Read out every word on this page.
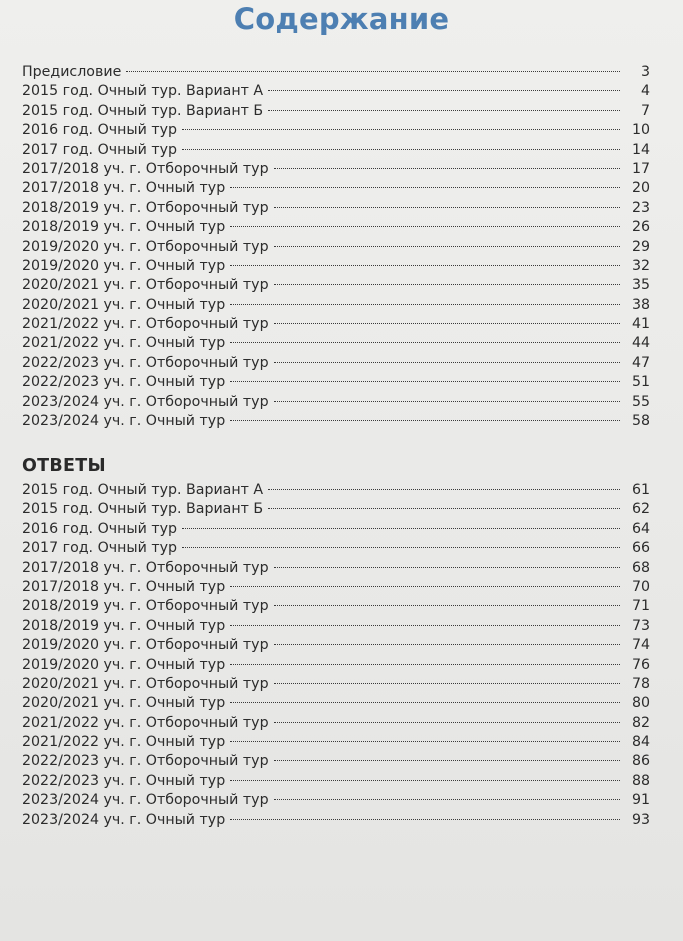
Содержание
Предисловие	3
2015 год. Очный тур. Вариант А	4
2015 год. Очный тур. Вариант Б	7
2016 год. Очный тур	10
2017 год. Очный тур	14
2017/2018 уч. г. Отборочный тур	17
2017/2018 уч. г. Очный тур	20
2018/2019 уч. г. Отборочный тур	23
2018/2019 уч. г. Очный тур	26
2019/2020 уч. г. Отборочный тур	29
2019/2020 уч. г. Очный тур	32
2020/2021 уч. г. Отборочный тур	35
2020/2021 уч. г. Очный тур	38
2021/2022 уч. г. Отборочный тур	41
2021/2022 уч. г. Очный тур	44
2022/2023 уч. г. Отборочный тур	47
2022/2023 уч. г. Очный тур	51
2023/2024 уч. г. Отборочный тур	55
2023/2024 уч. г. Очный тур	58
ОТВЕТЫ
2015 год. Очный тур. Вариант А	61
2015 год. Очный тур. Вариант Б	62
2016 год. Очный тур	64
2017 год. Очный тур	66
2017/2018 уч. г. Отборочный тур	68
2017/2018 уч. г. Очный тур	70
2018/2019 уч. г. Отборочный тур	71
2018/2019 уч. г. Очный тур	73
2019/2020 уч. г. Отборочный тур	74
2019/2020 уч. г. Очный тур	76
2020/2021 уч. г. Отборочный тур	78
2020/2021 уч. г. Очный тур	80
2021/2022 уч. г. Отборочный тур	82
2021/2022 уч. г. Очный тур	84
2022/2023 уч. г. Отборочный тур	86
2022/2023 уч. г. Очный тур	88
2023/2024 уч. г. Отборочный тур	91
2023/2024 уч. г. Очный тур	93
